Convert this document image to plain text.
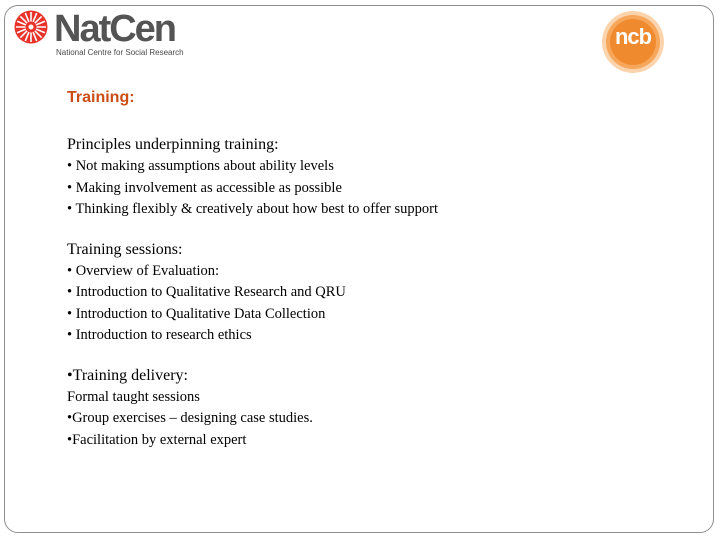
NatCen
National Centre for Social Research
ncb
Training:
Principles underpinning training:
• Not making assumptions about ability levels
• Making involvement as accessible as possible
• Thinking flexibly & creatively about how best to offer support
Training sessions:
• Overview of Evaluation:
• Introduction to Qualitative Research and QRU
• Introduction to Qualitative Data Collection
• Introduction to research ethics
•Training delivery:
Formal taught sessions
•Group exercises – designing case studies.
•Facilitation by external expert
